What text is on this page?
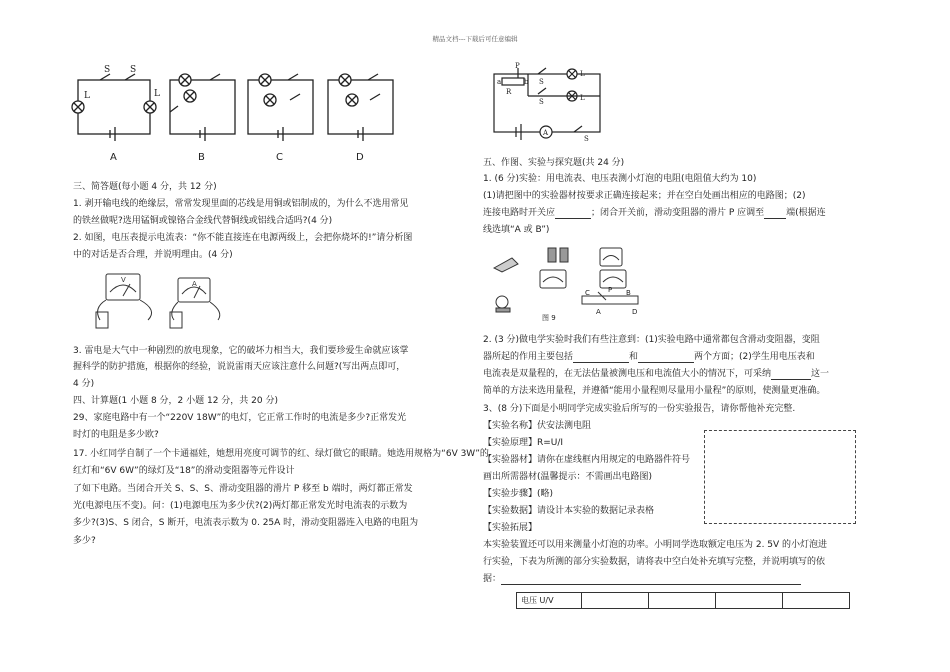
精品文档---下载后可任意编辑
S S
L	L
A	B	C	D
三、简答题(每小题 4 分，共 12 分)
1. 剥开输电线的绝缘层，常常发现里面的芯线是用铜或铝制成的，为什么不选用常见
的铁丝做呢?选用锰铜或镍铬合金线代替铜线或铝线合适吗?(4 分)
2. 如图，电压表提示电流表：“你不能直接连在电源两级上，会把你烧坏的!”请分析图
中的对话是否合理，并说明理由。(4 分)
V	A
3. 雷电是大气中一种剧烈的放电现象，它的破坏力相当大，我们要珍爱生命就应该掌
握科学的防护措施，根据你的经验，说说雷雨天应该注意什么问题?(写出两点即可，
4 分)
四、计算题(1 小题 8 分，2 小题 12 分，共 20 分)
29、家庭电路中有一个“220V 18W”的电灯，它正常工作时的电流是多少?正常发光
时灯的电阻是多少欧?
17. 小红同学自制了一个卡通福娃，她想用亮度可调节的红、绿灯做它的眼睛。她选用规格为“6V 3W”的
红灯和“6V 6W”的绿灯及“18”的滑动变阻器等元件设计
了如下电路。当闭合开关 S、S、S、滑动变阻器的滑片 P 移至 b 端时，两灯都正常发
光(电源电压不变)。问：(1)电源电压为多少伏?(2)两灯都正常发光时电流表的示数为
多少?(3)S、S 闭合，S 断开，电流表示数为 0. 25A 时，滑动变阻器连入电路的电阻为
多少?
P
a
R
b
S
S
L
L
A
S
五、作图、实验与探究题(共 24 分)
1. (6 分)实验：用电流表、电压表测小灯泡的电阻(电阻值大约为 10)
(1)请把图中的实验器材按要求正确连接起来；并在空白处画出相应的电路图；(2)
连接电路时开关应	；闭合开关前，滑动变阻器的滑片 P 应调至 端(根据连
线选填“A 或 B”)
A
B
C
D
P
图 9
2. (3 分)做电学实验时我们有些注意到：(1)实验电路中通常都包含滑动变阻器，变阻
器所起的作用主要包括	和	两个方面；(2)学生用电压表和
电流表是双量程的，在无法估量被测电压和电流值大小的情况下，可采纳	这一
简单的方法来选用量程，并遵循“能用小量程则尽量用小量程”的原则，使测量更准确。
3、(8 分)下面是小明同学完成实验后所写的一份实验报告，请你帮他补充完整.
【实验名称】伏安法测电阻
【实验原理】R=U/I
【实验器材】请你在虚线框内用规定的电路器件符号
画出所需器材(温馨提示：不需画出电路图)
【实验步骤】(略)
【实验数据】请设计本实验的数据记录表格
【实验拓展】
本实验装置还可以用来测量小灯泡的功率。小明同学选取额定电压为 2. 5V 的小灯泡进
行实验，下表为所测的部分实验数据，请将表中空白处补充填写完整，并说明填写的依
据：
电压 U/V				
